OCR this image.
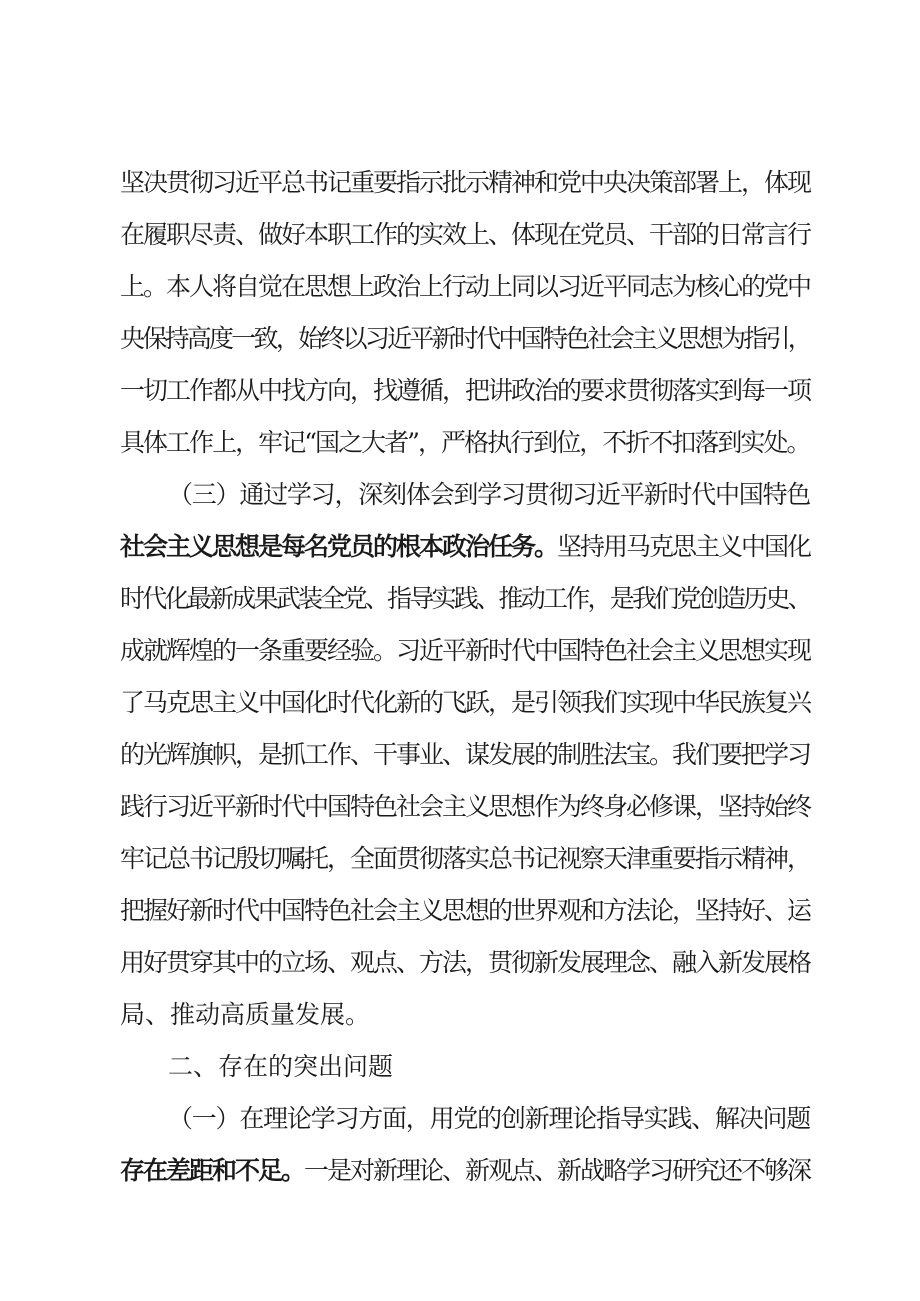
坚决贯彻习近平总书记重要指示批示精神和党中央决策部署上，体现
在履职尽责、做好本职工作的实效上、体现在党员、干部的日常言行
上。本人将自觉在思想上政治上行动上同以习近平同志为核心的党中
央保持高度一致，始终以习近平新时代中国特色社会主义思想为指引，
一切工作都从中找方向，找遵循，把讲政治的要求贯彻落实到每一项
具体工作上，牢记“国之大者”，严格执行到位，不折不扣落到实处。
（三）通过学习，深刻体会到学习贯彻习近平新时代中国特色
社会主义思想是每名党员的根本政治任务。坚持用马克思主义中国化
时代化最新成果武装全党、指导实践、推动工作，是我们党创造历史、
成就辉煌的一条重要经验。习近平新时代中国特色社会主义思想实现
了马克思主义中国化时代化新的飞跃，是引领我们实现中华民族复兴
的光辉旗帜，是抓工作、干事业、谋发展的制胜法宝。我们要把学习
践行习近平新时代中国特色社会主义思想作为终身必修课，坚持始终
牢记总书记殷切嘱托，全面贯彻落实总书记视察天津重要指示精神，
把握好新时代中国特色社会主义思想的世界观和方法论，坚持好、运
用好贯穿其中的立场、观点、方法，贯彻新发展理念、融入新发展格
局、推动高质量发展。
二、存在的突出问题
（一）在理论学习方面，用党的创新理论指导实践、解决问题
存在差距和不足。一是对新理论、新观点、新战略学习研究还不够深
